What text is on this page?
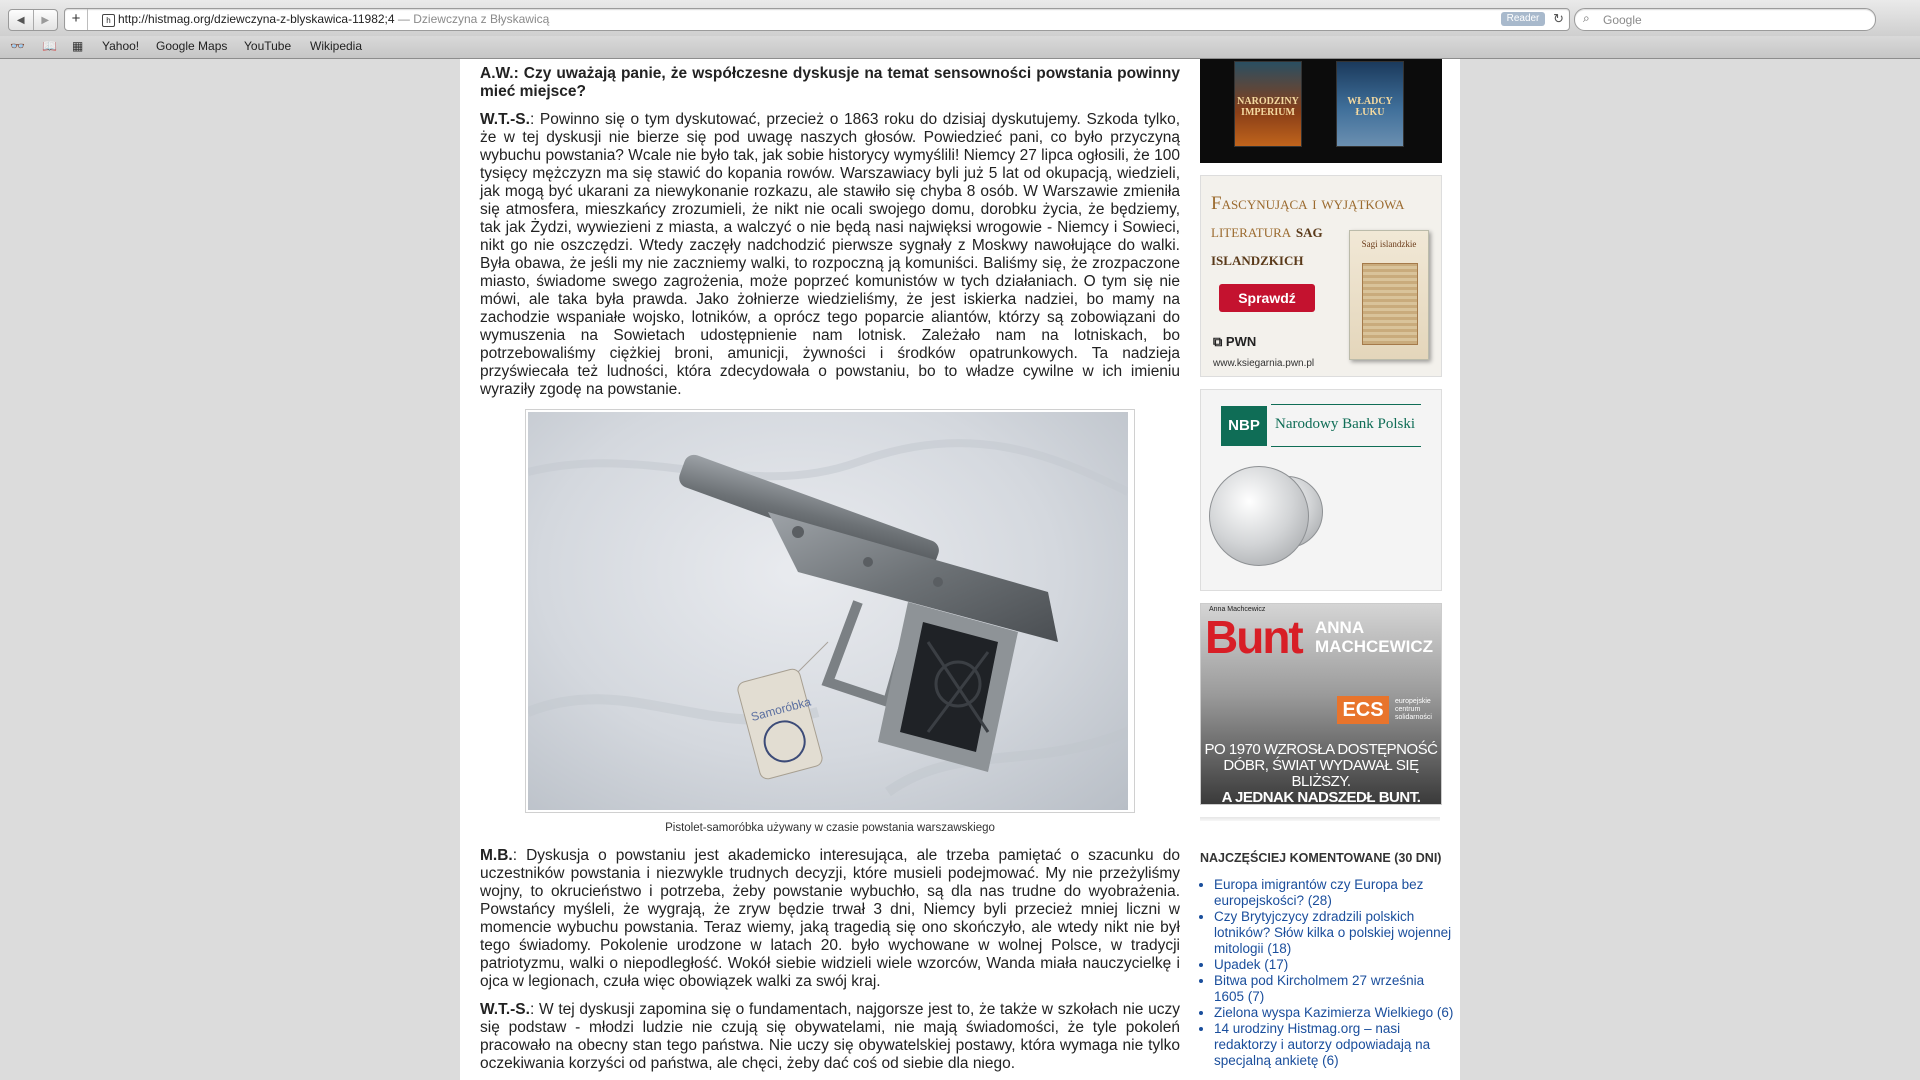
◀	▶	+	h http://histmag.org/dziewczyna-z-blyskawica-11982;4 — Dziewczyna z Błyskawicą	Reader	↻ ⌕
Google
👓 📖 ▦ Yahoo! Google Maps YouTube Wikipedia

A.W.: Czy uważają panie, że współczesne dyskusje na temat sensowności powstania powinny mieć miejsce?

W.T.-S.: Powinno się o tym dyskutować, przecież o 1863 roku do dzisiaj dyskutujemy. Szkoda tylko, że w tej dyskusji nie bierze się pod uwagę naszych głosów. Powiedzieć pani, co było przyczyną wybuchu powstania? Wcale nie było tak, jak sobie historycy wymyślili! Niemcy 27 lipca ogłosili, że 100 tysięcy mężczyzn ma się stawić do kopania rowów. Warszawiacy byli już 5 lat od okupacją, wiedzieli, jak mogą być ukarani za niewykonanie rozkazu, ale stawiło się chyba 8 osób. W Warszawie zmieniła się atmosfera, mieszkańcy zrozumieli, że nikt nie ocali swojego domu, dorobku życia, że będziemy, tak jak Żydzi, wywiezieni z miasta, a walczyć o nie będą nasi najwięksi wrogowie - Niemcy i Sowieci, nikt go nie oszczędzi. Wtedy zaczęły nadchodzić pierwsze sygnały z Moskwy nawołujące do walki. Była obawa, że jeśli my nie zaczniemy walki, to rozpoczną ją komuniści. Baliśmy się, że zrozpaczone miasto, świadome swego zagrożenia, może poprzeć komunistów w tych działaniach. O tym się nie mówi, ale taka była prawda. Jako żołnierze wiedzieliśmy, że jest iskierka nadziei, bo mamy na zachodzie wspaniałe wojsko, lotników, a oprócz tego poparcie aliantów, którzy są zobowiązani do wymuszenia na Sowietach udostępnienie nam lotnisk. Zależało nam na lotniskach, bo potrzebowaliśmy ciężkiej broni, amunicji, żywności i środków opatrunkowych. Ta nadzieja przyświecała też ludności, która zdecydowała o powstaniu, bo to władze cywilne w ich imieniu wyraziły zgodę na powstanie.

Samoróbka

Pistolet-samoróbka używany w czasie powstania warszawskiego

M.B.: Dyskusja o powstaniu jest akademicko interesująca, ale trzeba pamiętać o szacunku do uczestników powstania i niezwykle trudnych decyzji, które musieli podejmować. My nie przeżyliśmy wojny, to okrucieństwo i potrzeba, żeby powstanie wybuchło, są dla nas trudne do wyobrażenia. Powstańcy myśleli, że wygrają, że zryw będzie trwał 3 dni, Niemcy byli przecież mniej liczni w momencie wybuchu powstania. Teraz wiemy, jaką tragedią się ono skończyło, ale wtedy nikt nie był tego świadomy. Pokolenie urodzone w latach 20. było wychowane w wolnej Polsce, w tradycji patriotyzmu, walki o niepodległość. Wokół siebie widzieli wiele wzorców, Wanda miała nauczycielkę i ojca w legionach, czuła więc obowiązek walki za swój kraj.

W.T.-S.: W tej dyskusji zapomina się o fundamentach, najgorsze jest to, że także w szkołach nie uczy się podstaw - młodzi ludzie nie czują się obywatelami, nie mają świadomości, że tyle pokoleń pracowało na obecny stan tego państwa. Nie uczy się obywatelskiej postawy, która wymaga nie tylko oczekiwania korzyści od państwa, ale chęci, żeby dać coś od siebie dla niego.

NARODZINY IMPERIUM
WŁADCY ŁUKU
Fascynująca i wyjątkowa
literatura sag
islandzkich
Sprawdź
⧉ PWN
www.ksiegarnia.pwn.pl
Sagi islandzkie
NBP	Narodowy Bank Polski
Anna Machcewicz
Bunt ANNA
MACHCEWICZ
ECS	europejskie centrum solidarności
PO 1970 WZROSŁA DOSTĘPNOŚĆ
DÓBR, ŚWIAT WYDAWAŁ SIĘ BLIŻSZY.
A JEDNAK NADSZEDŁ BUNT.
NAJCZĘŚCIEJ KOMENTOWANE (30 DNI)
• Europa imigrantów czy Europa bez europejskości? (28)
• Czy Brytyjczycy zdradzili polskich lotników? Słów kilka o polskiej wojennej mitologii (18)
• Upadek (17)
• Bitwa pod Kircholmem 27 września 1605 (7)
• Zielona wyspa Kazimierza Wielkiego (6)
• 14 urodziny Histmag.org – nasi redaktorzy i autorzy odpowiadają na specjalną ankietę (6)
